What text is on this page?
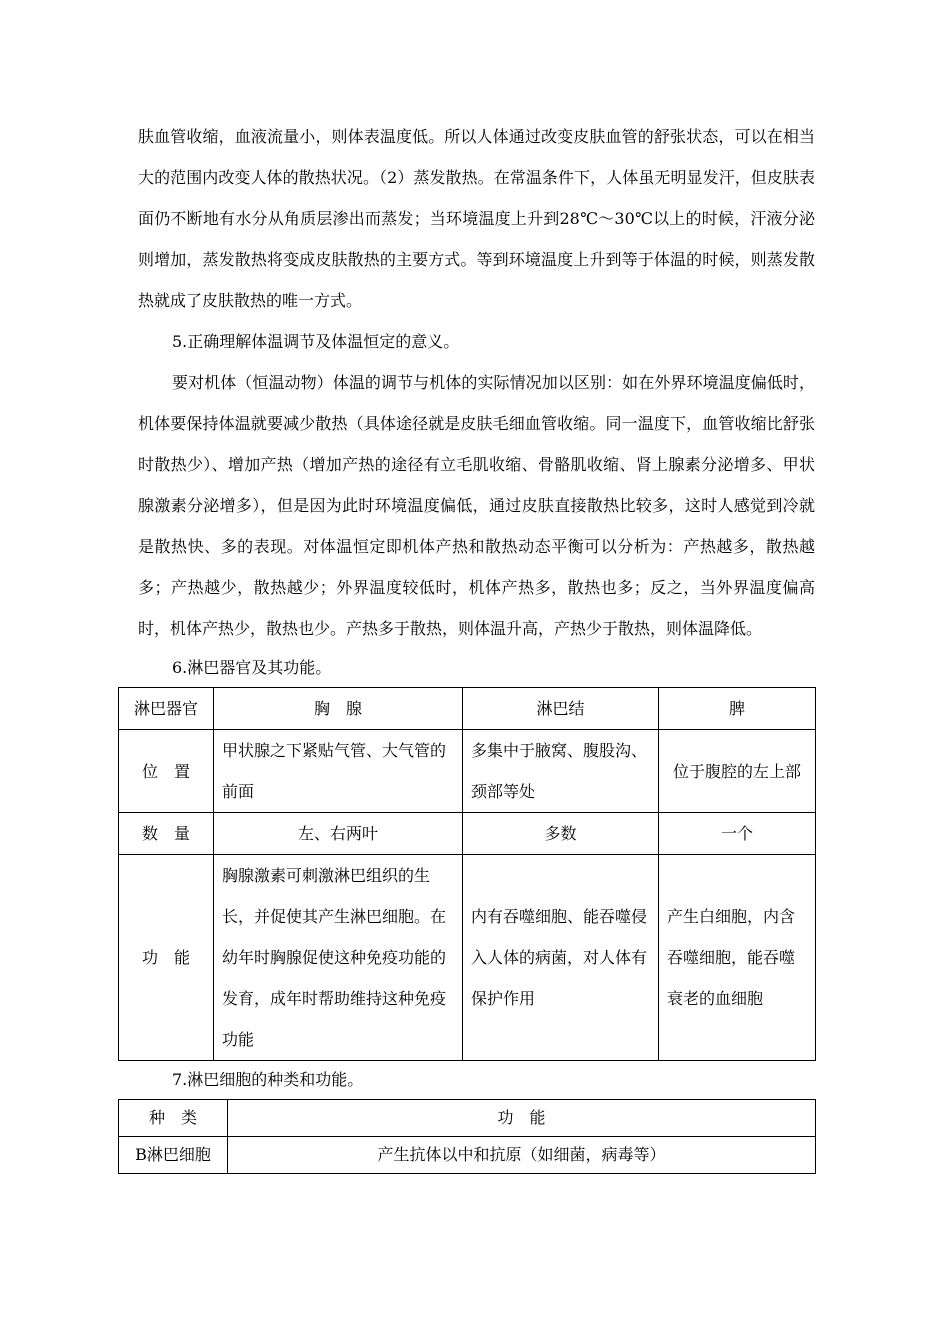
肤血管收缩，血液流量小，则体表温度低。所以人体通过改变皮肤血管的舒张状态，可以在相当大的范围内改变人体的散热状况。（2）蒸发散热。在常温条件下，人体虽无明显发汗，但皮肤表面仍不断地有水分从角质层渗出而蒸发；当环境温度上升到28℃～30℃以上的时候，汗液分泌则增加，蒸发散热将变成皮肤散热的主要方式。等到环境温度上升到等于体温的时候，则蒸发散热就成了皮肤散热的唯一方式。

5.正确理解体温调节及体温恒定的意义。

要对机体（恒温动物）体温的调节与机体的实际情况加以区别：如在外界环境温度偏低时，机体要保持体温就要减少散热（具体途径就是皮肤毛细血管收缩。同一温度下，血管收缩比舒张时散热少）、增加产热（增加产热的途径有立毛肌收缩、骨骼肌收缩、肾上腺素分泌增多、甲状腺激素分泌增多），但是因为此时环境温度偏低，通过皮肤直接散热比较多，这时人感觉到冷就是散热快、多的表现。对体温恒定即机体产热和散热动态平衡可以分析为：产热越多，散热越多；产热越少，散热越少；外界温度较低时，机体产热多，散热也多；反之，当外界温度偏高时，机体产热少，散热也少。产热多于散热，则体温升高，产热少于散热，则体温降低。

6.淋巴器官及其功能。
淋巴器官	胸　腺	淋巴结	脾
位　置	甲状腺之下紧贴气管、大气管的前面	多集中于腋窝、腹股沟、颈部等处	位于腹腔的左上部
数　量	左、右两叶	多数	一个
功　能	胸腺激素可刺激淋巴组织的生长，并促使其产生淋巴细胞。在幼年时胸腺促使这种免疫功能的发育，成年时帮助维持这种免疫功能	内有吞噬细胞、能吞噬侵入人体的病菌，对人体有保护作用	产生白细胞，内含吞噬细胞，能吞噬衰老的血细胞
7.淋巴细胞的种类和功能。
种　类	功　能
B淋巴细胞	产生抗体以中和抗原（如细菌，病毒等）
